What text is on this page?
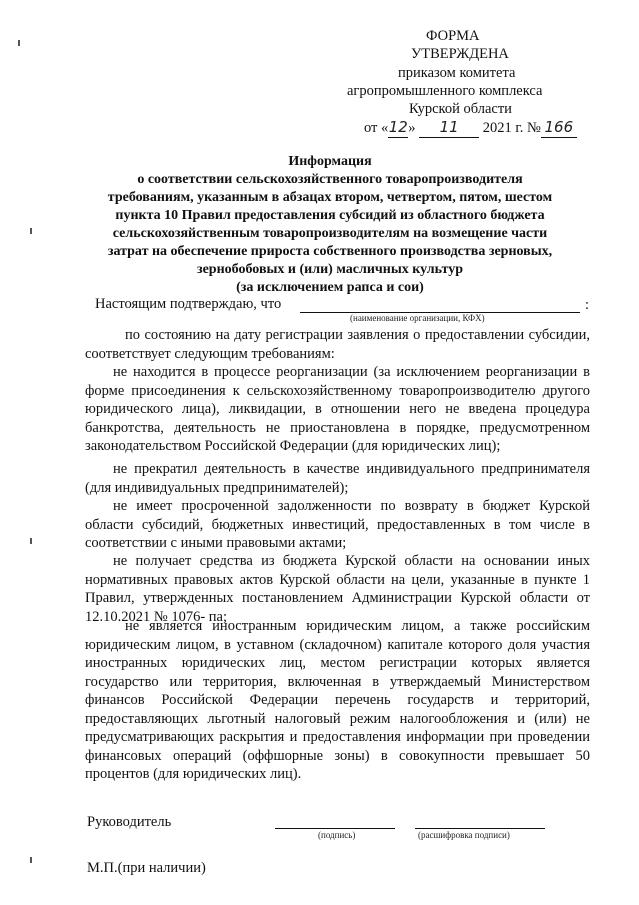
ФОРМА
УТВЕРЖДЕНА
приказом комитета
агропромышленного комплекса
Курской области
от «12» 11 2021 г. № 166
Информация
о соответствии сельскохозяйственного товаропроизводителя
требованиям, указанным в абзацах втором, четвертом, пятом, шестом
пункта 10 Правил предоставления субсидий из областного бюджета
сельскохозяйственным товаропроизводителям на возмещение части
затрат на обеспечение прироста собственного производства зерновых,
зернобобовых и (или) масличных культур
(за исключением рапса и сои)
Настоящим подтверждаю, что	:
(наименование организации, КФХ)
по состоянию на дату регистрации заявления о предоставлении субсидии, соответствует следующим требованиям:
не находится в процессе реорганизации (за исключением реорганизации в форме присоединения к сельскохозяйственному товаропроизводителю другого юридического лица), ликвидации, в отношении него не введена процедура банкротства, деятельность не приостановлена в порядке, предусмотренном законодательством Российской Федерации (для юридических лиц);
не прекратил деятельность в качестве индивидуального предпринимателя (для индивидуальных предпринимателей);
не имеет просроченной задолженности по возврату в бюджет Курской области субсидий, бюджетных инвестиций, предоставленных в том числе в соответствии с иными правовыми актами;
не получает средства из бюджета Курской области на основании иных нормативных правовых актов Курской области на цели, указанные в пункте 1 Правил, утвержденных постановлением Администрации Курской области от 12.10.2021 № 1076- па;
не является иностранным юридическим лицом, а также российским юридическим лицом, в уставном (складочном) капитале которого доля участия иностранных юридических лиц, местом регистрации которых является государство или территория, включенная в утверждаемый Министерством финансов Российской Федерации перечень государств и территорий, предоставляющих льготный налоговый режим налогообложения и (или) не предусматривающих раскрытия и предоставления информации при проведении финансовых операций (оффшорные зоны) в совокупности превышает 50 процентов (для юридических лиц).
Руководитель
(подпись)	(расшифровка подписи)
М.П.(при наличии)
